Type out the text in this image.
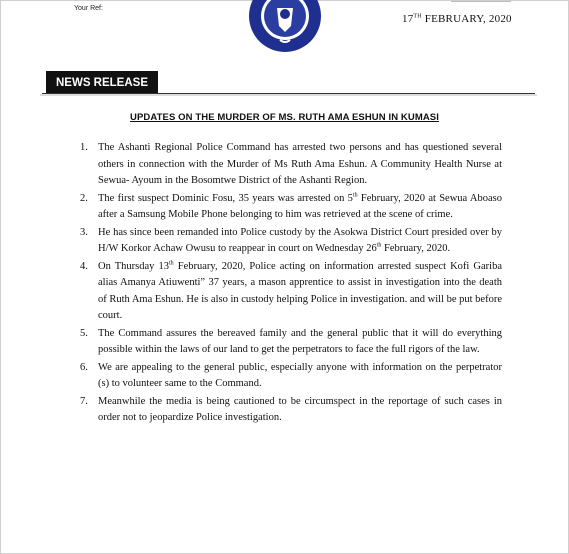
Your Ref:
17TH FEBRUARY, 2020
NEWS RELEASE
UPDATES ON THE MURDER OF MS. RUTH AMA ESHUN IN KUMASI
1. The Ashanti Regional Police Command has arrested two persons and has questioned several others in connection with the Murder of Ms Ruth Ama Eshun. A Community Health Nurse at Sewua- Ayoum in the Bosomtwe District of the Ashanti Region.
2. The first suspect Dominic Fosu, 35 years was arrested on 5th February, 2020 at Sewua Aboaso after a Samsung Mobile Phone belonging to him was retrieved at the scene of crime.
3. He has since been remanded into Police custody by the Asokwa District Court presided over by H/W Korkor Achaw Owusu to reappear in court on Wednesday 26th February, 2020.
4. On Thursday 13th February, 2020, Police acting on information arrested suspect Kofi Gariba alias Amanya Atiuwenti” 37 years, a mason apprentice to assist in investigation into the death of Ruth Ama Eshun. He is also in custody helping Police in investigation. and will be put before court.
5. The Command assures the bereaved family and the general public that it will do everything possible within the laws of our land to get the perpetrators to face the full rigors of the law.
6. We are appealing to the general public, especially anyone with information on the perpetrator (s) to volunteer same to the Command.
7. Meanwhile the media is being cautioned to be circumspect in the reportage of such cases in order not to jeopardize Police investigation.
